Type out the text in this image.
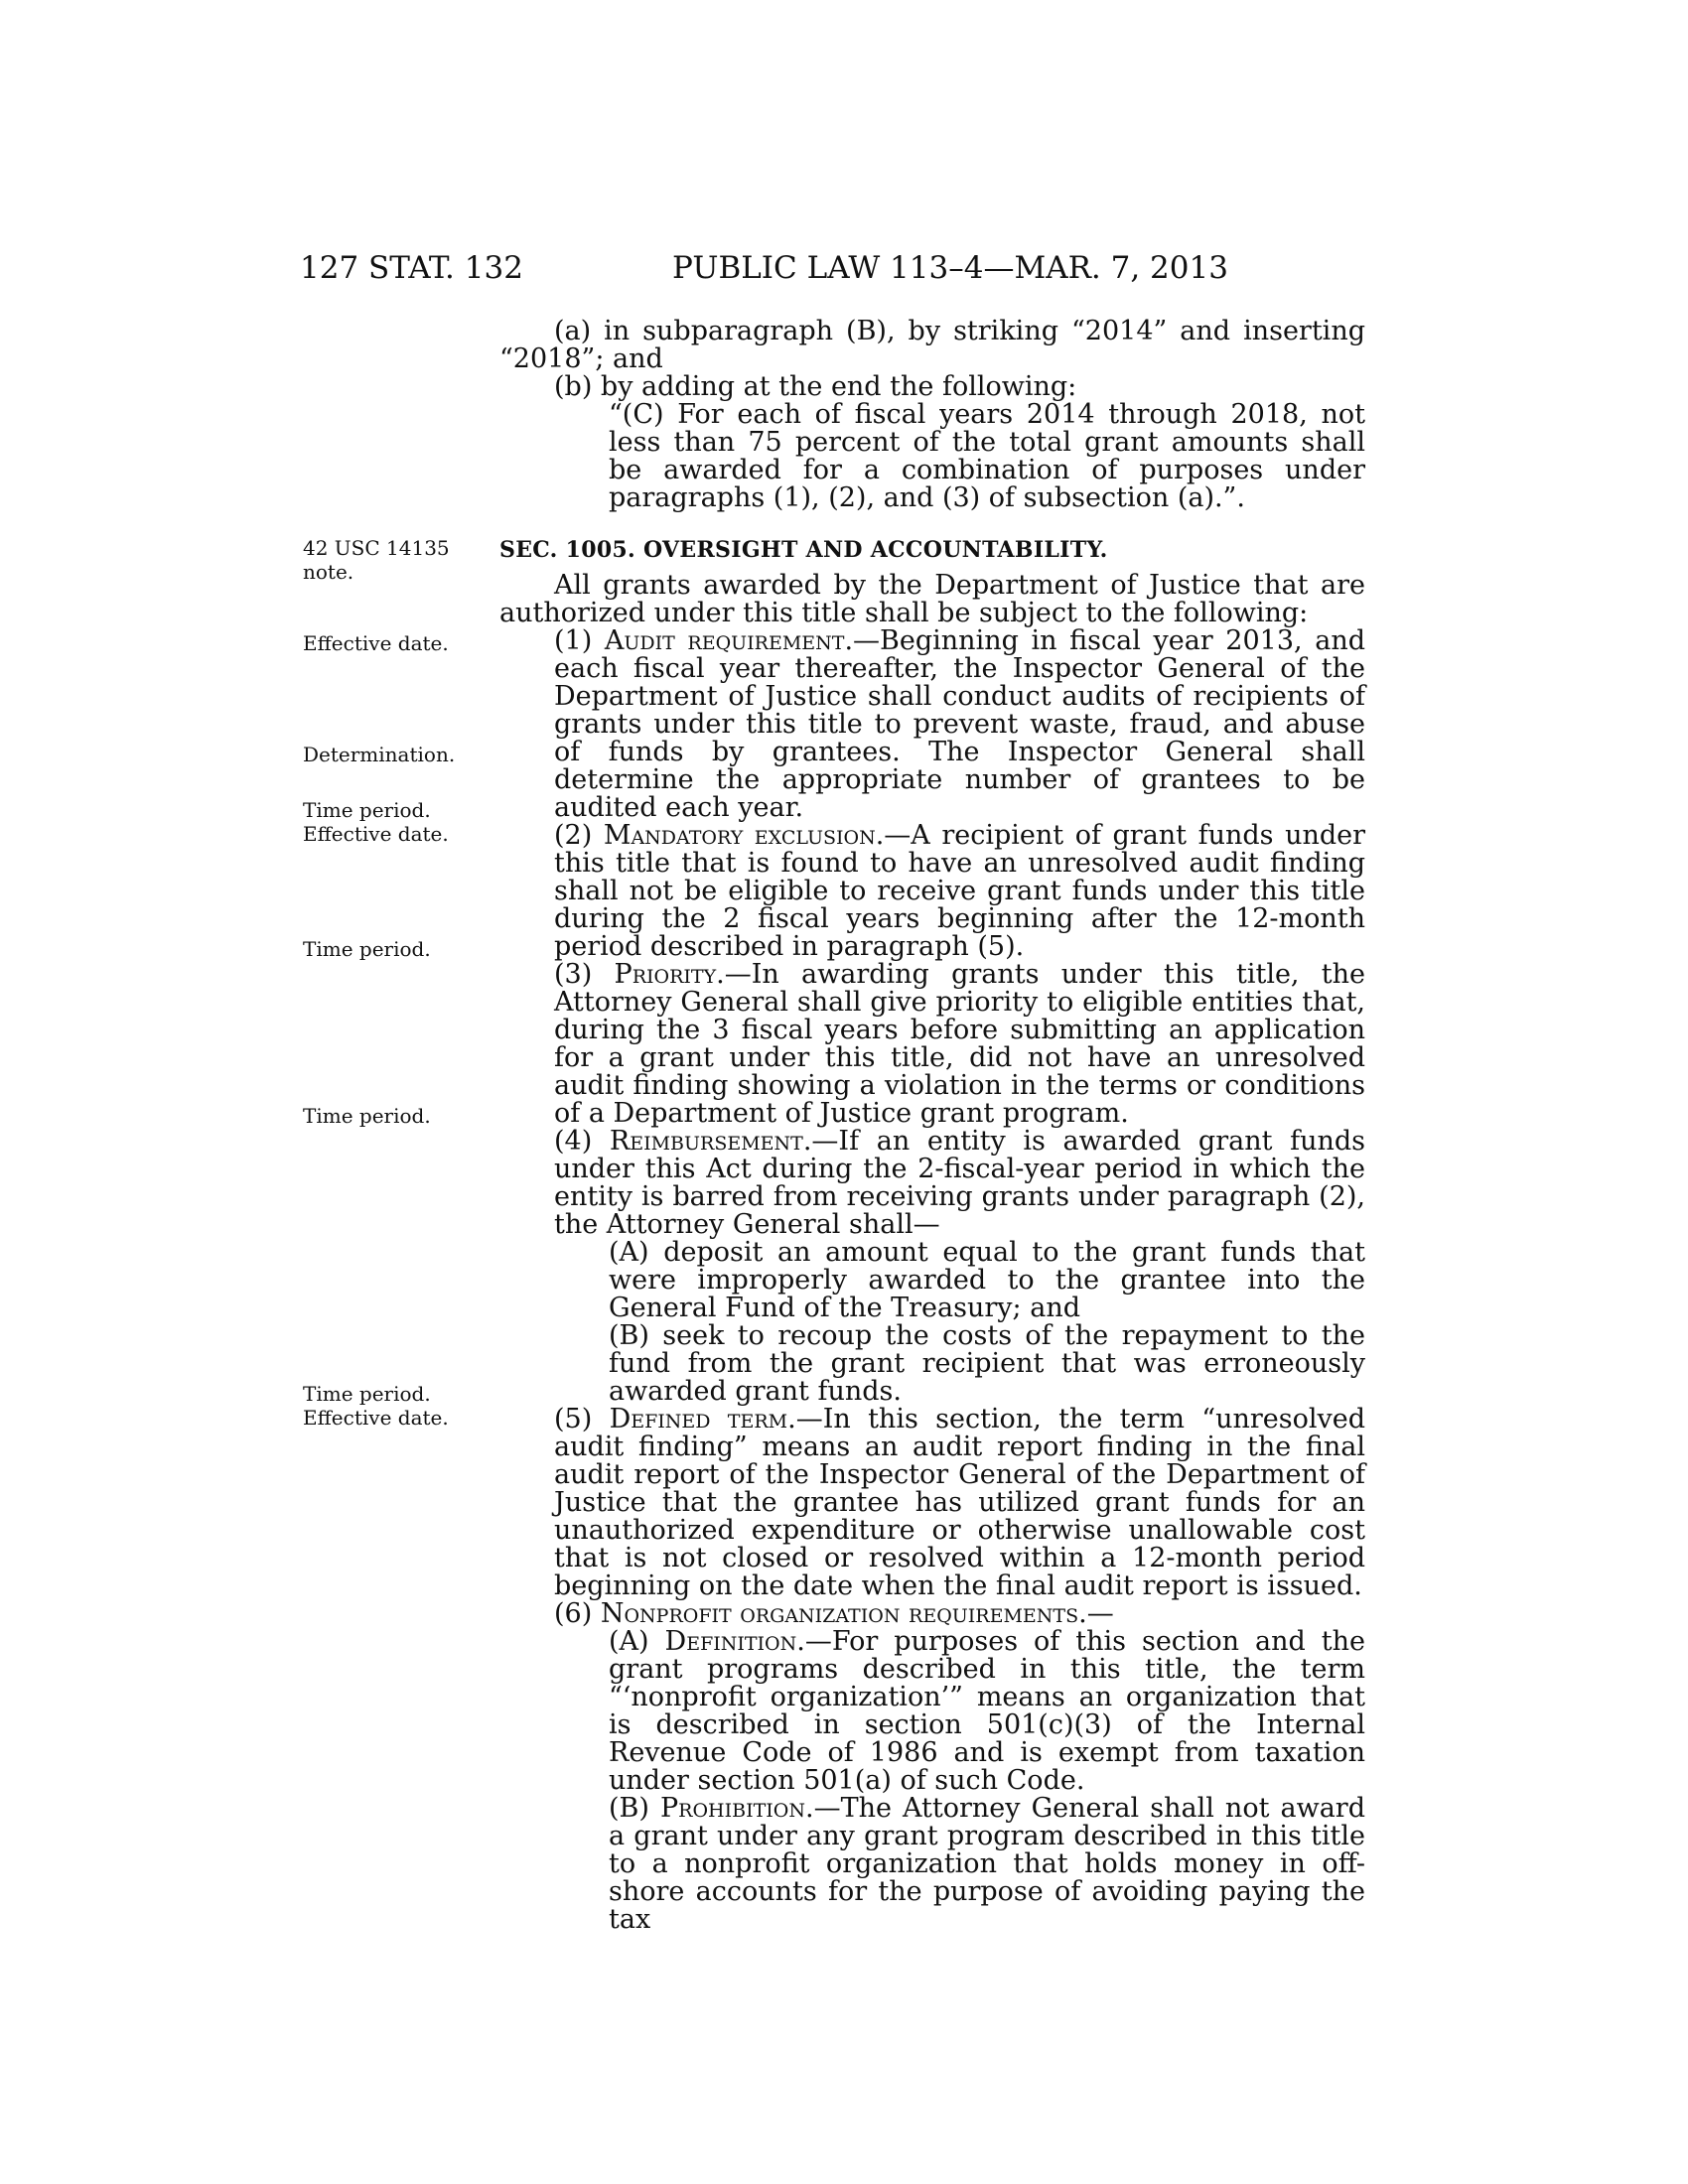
127 STAT. 132	PUBLIC LAW 113–4—MAR. 7, 2013
42 USC 14135
note.
Effective date.
Determination.
Time period.
Effective date.
Time period.
Time period.
Time period.
Effective date.

(a) in subparagraph (B), by striking “2014” and inserting “2018”; and

(b) by adding at the end the following:

“(C) For each of fiscal years 2014 through 2018, not less than 75 percent of the total grant amounts shall be awarded for a combination of purposes under paragraphs (1), (2), and (3) of subsection (a).”.

SEC. 1005. OVERSIGHT AND ACCOUNTABILITY.

All grants awarded by the Department of Justice that are authorized under this title shall be subject to the following:

(1) Audit requirement.—Beginning in fiscal year 2013, and each fiscal year thereafter, the Inspector General of the Department of Justice shall conduct audits of recipients of grants under this title to prevent waste, fraud, and abuse of funds by grantees. The Inspector General shall determine the appropriate number of grantees to be audited each year.

(2) Mandatory exclusion.—A recipient of grant funds under this title that is found to have an unresolved audit finding shall not be eligible to receive grant funds under this title during the 2 fiscal years beginning after the 12-month period described in paragraph (5).

(3) Priority.—In awarding grants under this title, the Attorney General shall give priority to eligible entities that, during the 3 fiscal years before submitting an application for a grant under this title, did not have an unresolved audit finding showing a violation in the terms or conditions of a Department of Justice grant program.

(4) Reimbursement.—If an entity is awarded grant funds under this Act during the 2-fiscal-year period in which the entity is barred from receiving grants under paragraph (2), the Attorney General shall—

(A) deposit an amount equal to the grant funds that were improperly awarded to the grantee into the General Fund of the Treasury; and

(B) seek to recoup the costs of the repayment to the fund from the grant recipient that was erroneously awarded grant funds.

(5) Defined term.—In this section, the term “unresolved audit finding” means an audit report finding in the final audit report of the Inspector General of the Department of Justice that the grantee has utilized grant funds for an unauthorized expenditure or otherwise unallowable cost that is not closed or resolved within a 12-month period beginning on the date when the final audit report is issued.

(6) Nonprofit organization requirements.—

(A) Definition.—For purposes of this section and the grant programs described in this title, the term “‘nonprofit organization’” means an organization that is described in section 501(c)(3) of the Internal Revenue Code of 1986 and is exempt from taxation under section 501(a) of such Code.

(B) Prohibition.—The Attorney General shall not award a grant under any grant program described in this title to a nonprofit organization that holds money in off-shore accounts for the purpose of avoiding paying the tax
